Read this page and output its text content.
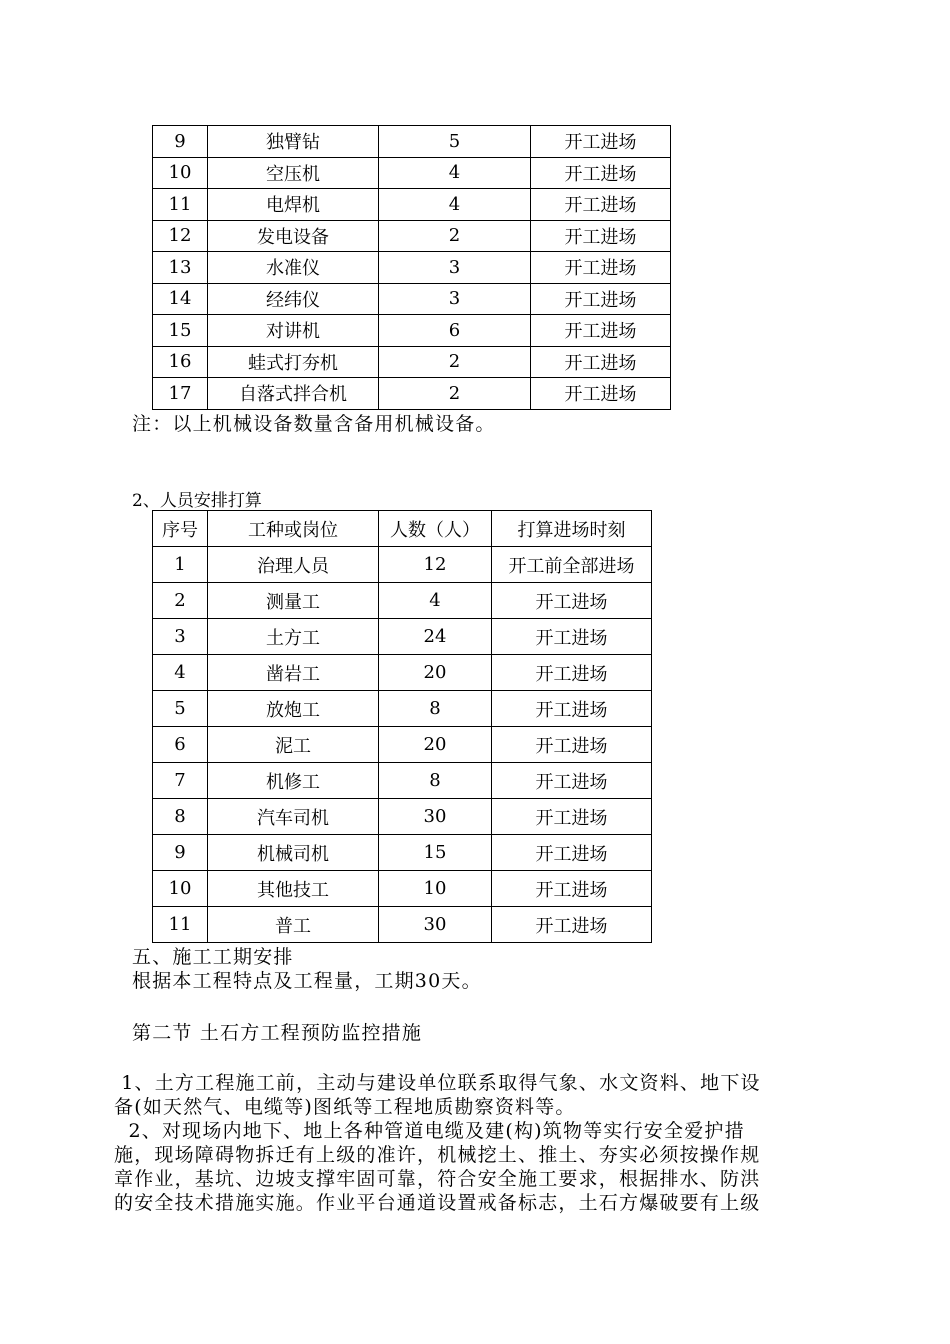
9	独臂钻	5	开工进场
10	空压机	4	开工进场
11	电焊机	4	开工进场
12	发电设备	2	开工进场
13	水准仪	3	开工进场
14	经纬仪	3	开工进场
15	对讲机	6	开工进场
16	蛙式打夯机	2	开工进场
17	自落式拌合机	2	开工进场
注：以上机械设备数量含备用机械设备。
2、人员安排打算
序号	工种或岗位	人数（人）	打算进场时刻
1	治理人员	12	开工前全部进场
2	测量工	4	开工进场
3	土方工	24	开工进场
4	凿岩工	20	开工进场
5	放炮工	8	开工进场
6	泥工	20	开工进场
7	机修工	8	开工进场
8	汽车司机	30	开工进场
9	机械司机	15	开工进场
10	其他技工	10	开工进场
11	普工	30	开工进场
五、施工工期安排
根据本工程特点及工程量，工期30天。
第二节 土石方工程预防监控措施
1、土方工程施工前，主动与建设单位联系取得气象、水文资料、地下设
备(如天然气、电缆等)图纸等工程地质勘察资料等。
2、对现场内地下、地上各种管道电缆及建(构)筑物等实行安全爱护措
施，现场障碍物拆迁有上级的准许，机械挖土、推土、夯实必须按操作规
章作业，基坑、边坡支撑牢固可靠，符合安全施工要求，根据排水、防洪
的安全技术措施实施。作业平台通道设置戒备标志，土石方爆破要有上级
